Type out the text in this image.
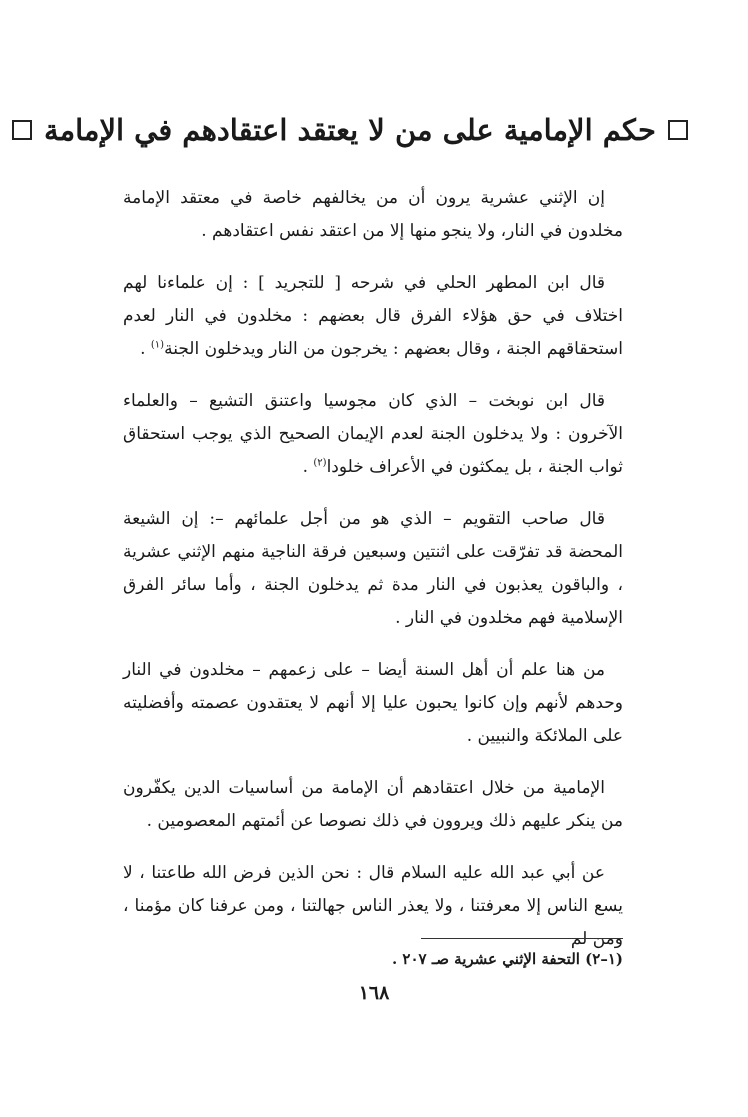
حكم الإمامية على من لا يعتقد اعتقادهم في الإمامة

إن الإثني عشرية يرون أن من يخالفهم خاصة في معتقد الإمامة مخلدون في النار، ولا ينجو منها إلا من اعتقد نفس اعتقادهم .

قال ابن المطهر الحلي في شرحه [ للتجريد ] : إن علماءنا لهم اختلاف في حق هؤلاء الفرق قال بعضهم : مخلدون في النار لعدم استحقاقهم الجنة ، وقال بعضهم : يخرجون من النار ويدخلون الجنة$^{(١)}$ .

قال ابن نوبخت – الذي كان مجوسيا واعتنق التشيع – والعلماء الآخرون : ولا يدخلون الجنة لعدم الإيمان الصحيح الذي يوجب استحقاق ثواب الجنة ، بل يمكثون في الأعراف خلودا$^{(٢)}$ .

قال صاحب التقويم – الذي هو من أجل علمائهم –: إن الشيعة المحضة قد تفرّقت على اثنتين وسبعين فرقة الناجية منهم الإثني عشرية ، والباقون يعذبون في النار مدة ثم يدخلون الجنة ، وأما سائر الفرق الإسلامية فهم مخلدون في النار .

من هنا علم أن أهل السنة أيضا – على زعمهم – مخلدون في النار وحدهم لأنهم وإن كانوا يحبون عليا إلا أنهم لا يعتقدون عصمته وأفضليته على الملائكة والنبيين .

الإمامية من خلال اعتقادهم أن الإمامة من أساسيات الدين يكفّرون من ينكر عليهم ذلك ويروون في ذلك نصوصا عن أئمتهم المعصومين .

عن أبي عبد الله عليه السلام قال : نحن الذين فرض الله طاعتنا ، لا يسع الناس إلا معرفتنا ، ولا يعذر الناس جهالتنا ، ومن عرفنا كان مؤمنا ، ومن لم

(١–٢) التحفة الإثني عشرية صـ ٢٠٧ .
١٦٨
